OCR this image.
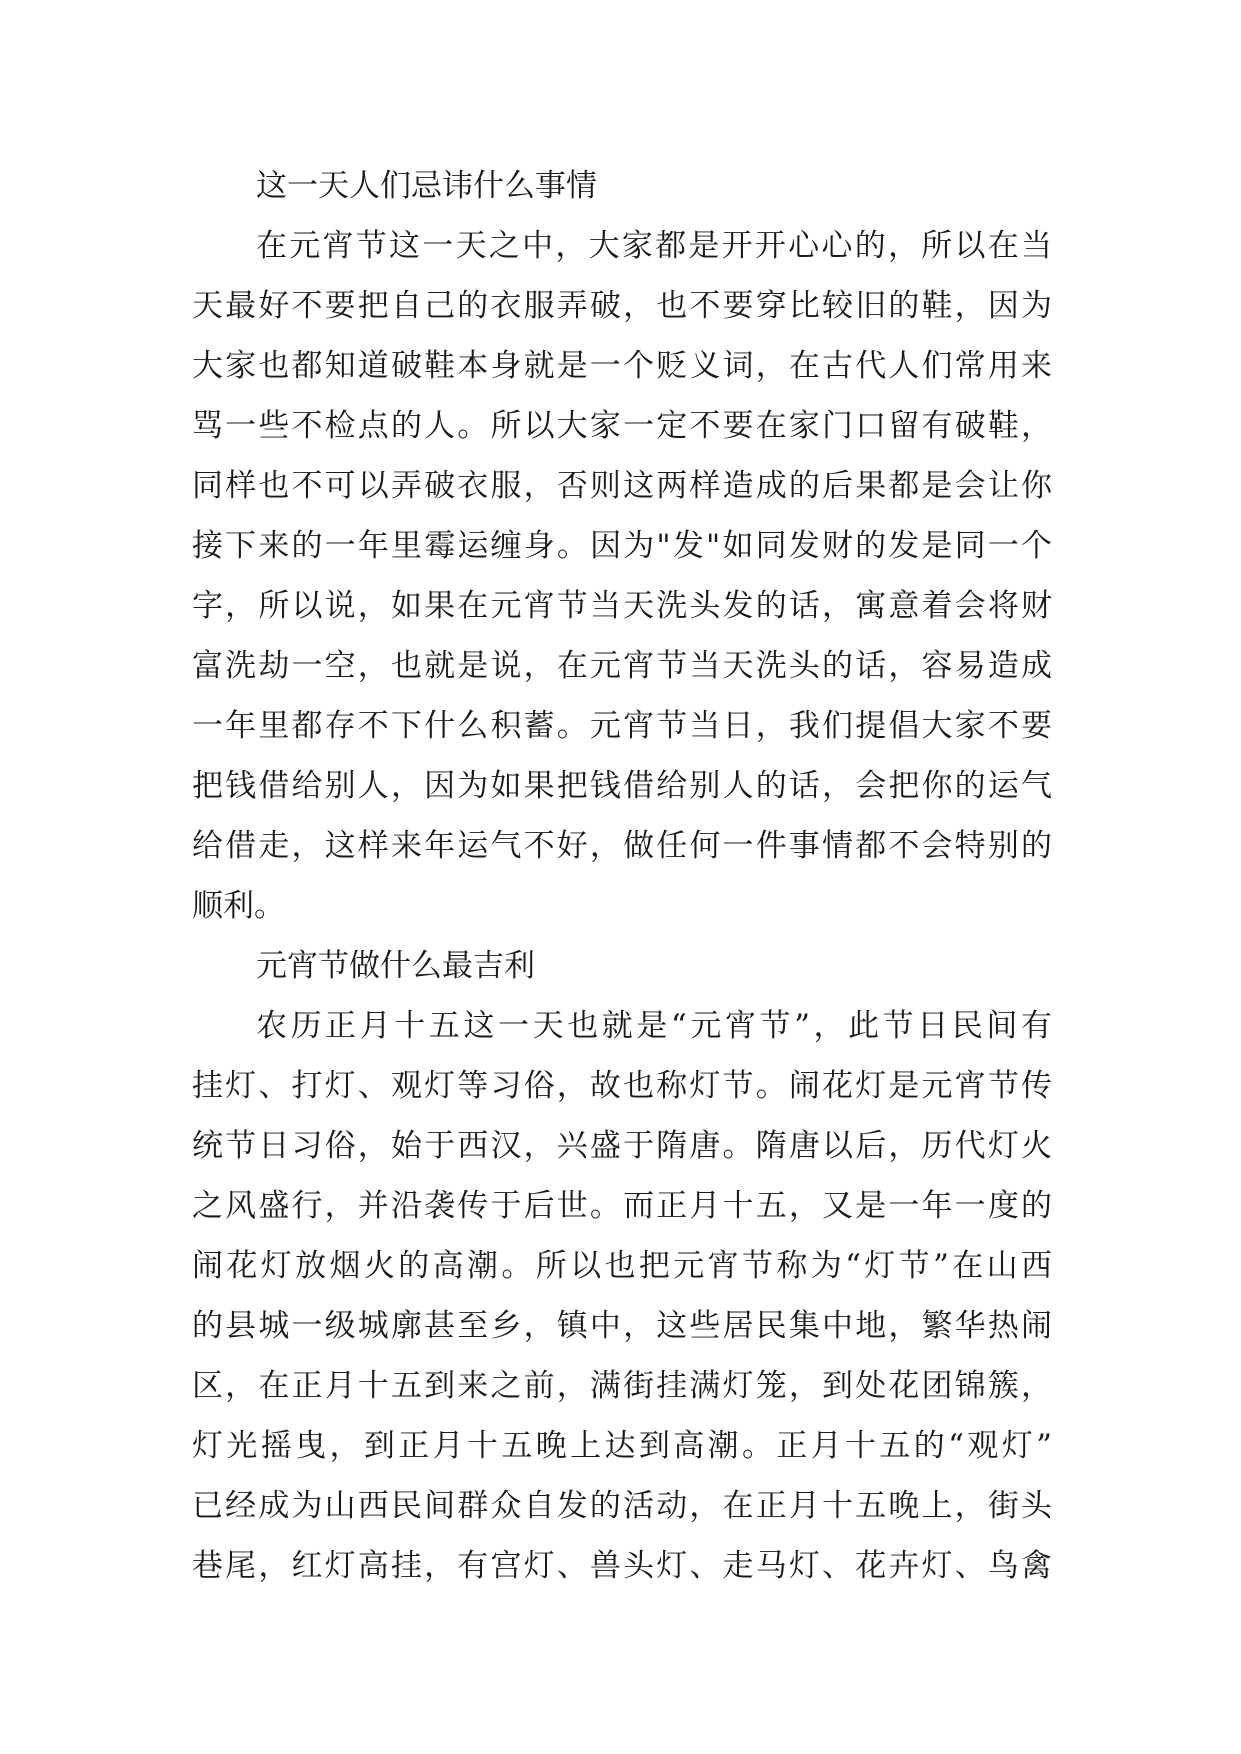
这一天人们忌讳什么事情
在元宵节这一天之中，大家都是开开心心的，所以在当
天最好不要把自己的衣服弄破，也不要穿比较旧的鞋，因为
大家也都知道破鞋本身就是一个贬义词，在古代人们常用来
骂一些不检点的人。所以大家一定不要在家门口留有破鞋，
同样也不可以弄破衣服，否则这两样造成的后果都是会让你
接下来的一年里霉运缠身。因为"发"如同发财的发是同一个
字，所以说，如果在元宵节当天洗头发的话，寓意着会将财
富洗劫一空，也就是说，在元宵节当天洗头的话，容易造成
一年里都存不下什么积蓄。元宵节当日，我们提倡大家不要
把钱借给别人，因为如果把钱借给别人的话，会把你的运气
给借走，这样来年运气不好，做任何一件事情都不会特别的
顺利。
元宵节做什么最吉利
农历正月十五这一天也就是“元宵节”，此节日民间有
挂灯、打灯、观灯等习俗，故也称灯节。闹花灯是元宵节传
统节日习俗，始于西汉，兴盛于隋唐。隋唐以后，历代灯火
之风盛行，并沿袭传于后世。而正月十五，又是一年一度的
闹花灯放烟火的高潮。所以也把元宵节称为“灯节”在山西
的县城一级城廓甚至乡，镇中，这些居民集中地，繁华热闹
区，在正月十五到来之前，满街挂满灯笼，到处花团锦簇，
灯光摇曳，到正月十五晚上达到高潮。正月十五的“观灯”
已经成为山西民间群众自发的活动，在正月十五晚上，街头
巷尾，红灯高挂，有宫灯、兽头灯、走马灯、花卉灯、鸟禽
